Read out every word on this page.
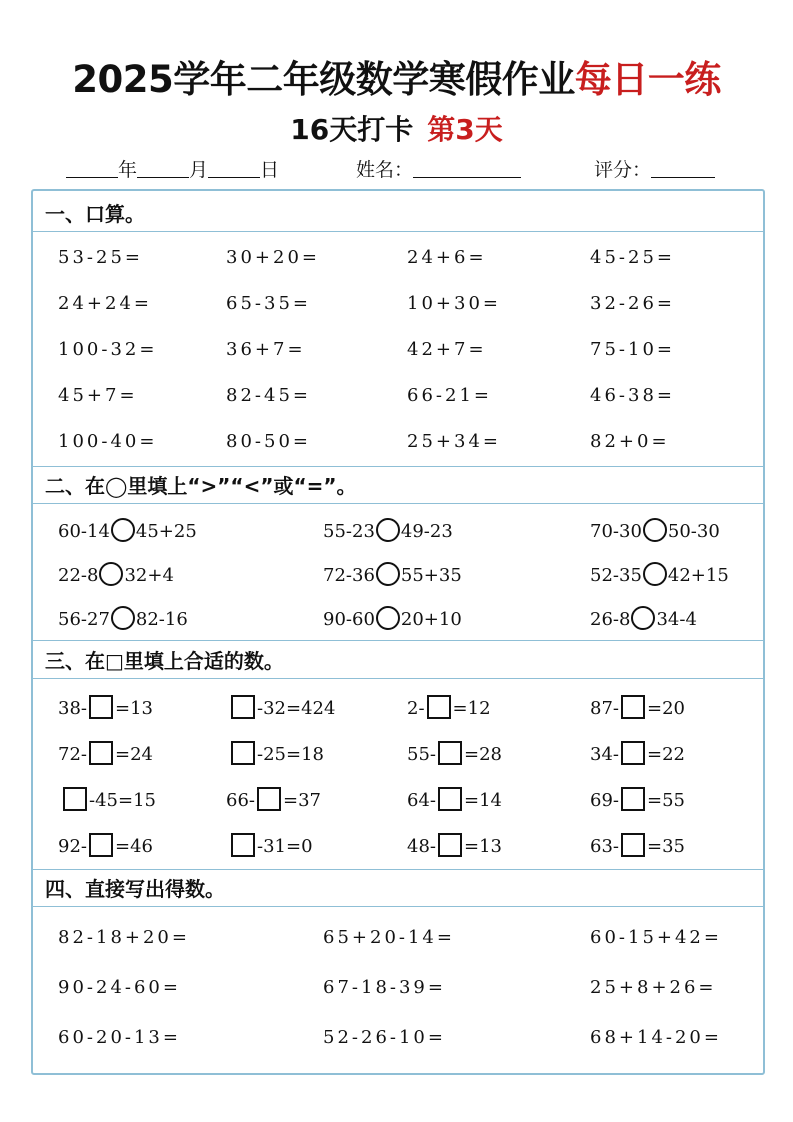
2025学年二年级数学寒假作业每日一练
16天打卡 第3天
年	月	日	姓名：	评分：
一、口算。
53-25=	30+20=	24+6=	45-25=
24+24=	65-35=	10+30=	32-26=
100-32=	36+7=	42+7=	75-10=
45+7=	82-45=	66-21=	46-38=
100-40=	80-50=	25+34=	82+0=
二、在◯里填上“>”“<”或“=”。
60-14 45+25	55-23 49-23	70-30 50-30
22-8 32+4	72-36 55+35	52-35 42+15
56-27 82-16	90-60 20+10	26-8 34-4
三、在□里填上合适的数。
38- =13	-32=424	2- =12	87- =20
72- =24	-25=18	55- =28	34- =22
-45=15	66- =37	64- =14	69- =55
92- =46	-31=0	48- =13	63- =35
四、直接写出得数。
82-18+20=	65+20-14=	60-15+42=
90-24-60=	67-18-39=	25+8+26=
60-20-13=	52-26-10=	68+14-20=
